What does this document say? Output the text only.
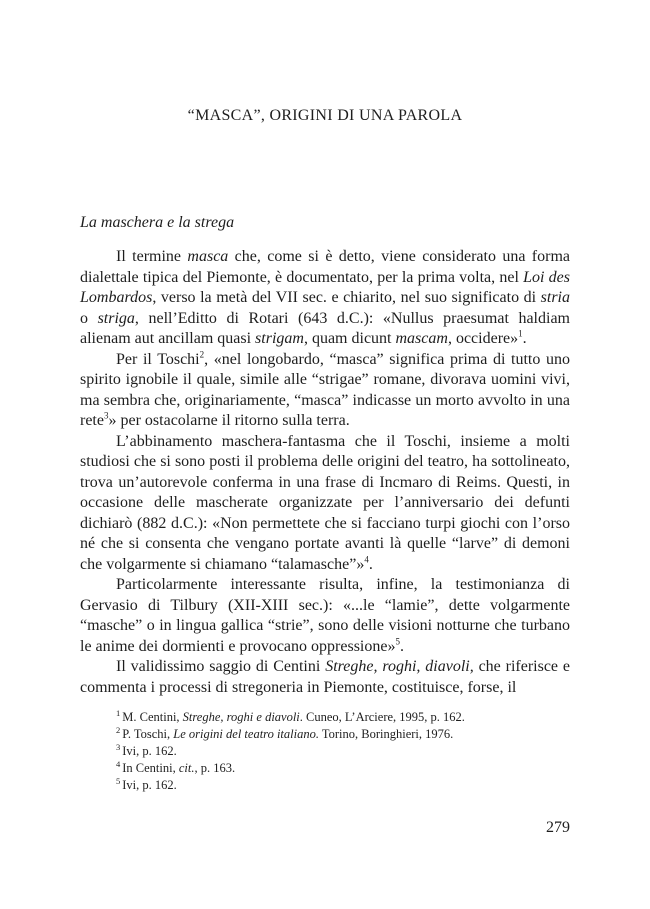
“MASCA”, ORIGINI DI UNA PAROLA
La maschera e la strega

Il termine masca che, come si è detto, viene considerato una forma dialettale tipica del Piemonte, è documentato, per la prima volta, nel Loi des Lombardos, verso la metà del VII sec. e chiarito, nel suo significato di stria o striga, nell’Editto di Rotari (643 d.C.): «Nullus praesumat haldiam alienam aut ancillam quasi strigam, quam dicunt mascam, occidere»$^1$.

Per il Toschi$^2$, «nel longobardo, “masca” significa prima di tutto uno spirito ignobile il quale, simile alle “strigae” romane, divorava uomini vivi, ma sembra che, originariamente, “masca” indicasse un morto avvolto in una rete$^3$» per ostacolarne il ritorno sulla terra.

L’abbinamento maschera-fantasma che il Toschi, insieme a molti studiosi che si sono posti il problema delle origini del teatro, ha sottolineato, trova un’autorevole conferma in una frase di Incmaro di Reims. Questi, in occasione delle mascherate organizzate per l’anniversario dei defunti dichiarò (882 d.C.): «Non permettete che si facciano turpi giochi con l’orso né che si consenta che vengano portate avanti là quelle “larve” di demoni che volgarmente si chiamano “talamasche”»$^4$.

Particolarmente interessante risulta, infine, la testimonianza di Gervasio di Tilbury (XII-XIII sec.): «...le “lamie”, dette volgarmente “masche” o in lingua gallica “strie”, sono delle visioni notturne che turbano le anime dei dormienti e provocano oppressione»$^5$.

Il validissimo saggio di Centini Streghe, roghi, diavoli, che riferisce e commenta i processi di stregoneria in Piemonte, costituisce, forse, il

$^1$ M. Centini, Streghe, roghi e diavoli. Cuneo, L’Arciere, 1995, p. 162.
$^2$ P. Toschi, Le origini del teatro italiano. Torino, Boringhieri, 1976.
$^3$ Ivi, p. 162.
$^4$ In Centini, cit., p. 163.
$^5$ Ivi, p. 162.
279
